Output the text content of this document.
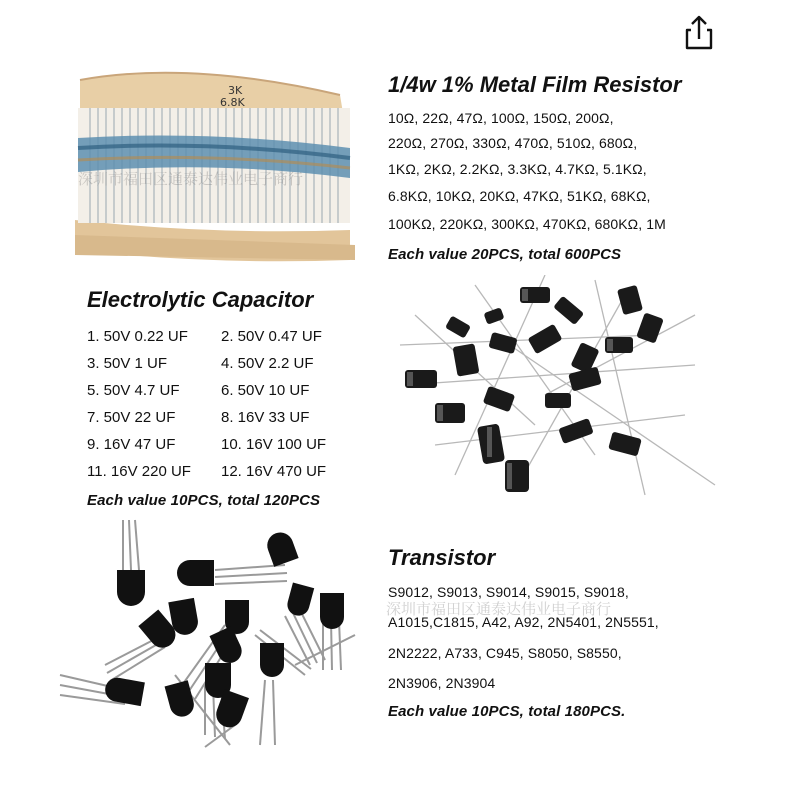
3K
6.8K
深圳市福田区通泰达伟业电子商行
深圳市福田区通泰达伟业电子商行
1/4w 1% Metal Film Resistor
10Ω, 22Ω, 47Ω, 100Ω, 150Ω, 200Ω,
220Ω, 270Ω, 330Ω, 470Ω, 510Ω, 680Ω,
1KΩ, 2KΩ, 2.2KΩ, 3.3KΩ, 4.7KΩ, 5.1KΩ,
6.8KΩ, 10KΩ, 20KΩ, 47KΩ, 51KΩ, 68KΩ,
100KΩ, 220KΩ, 300KΩ, 470KΩ, 680KΩ, 1M
Each value 20PCS, total 600PCS
Electrolytic Capacitor
1. 50V 0.22 UF 2. 50V 0.47 UF
3. 50V 1 UF	4. 50V 2.2 UF
5. 50V 4.7 UF	6. 50V 10 UF
7. 50V 22 UF	8. 16V 33 UF
9. 16V 47 UF	10. 16V 100 UF
11. 16V 220 UF 12. 16V 470 UF
Each value 10PCS, total 120PCS
Transistor
S9012, S9013, S9014, S9015, S9018,
A1015,C1815, A42, A92, 2N5401, 2N5551,
2N2222, A733, C945, S8050, S8550,
2N3906, 2N3904
Each value 10PCS, total 180PCS.
